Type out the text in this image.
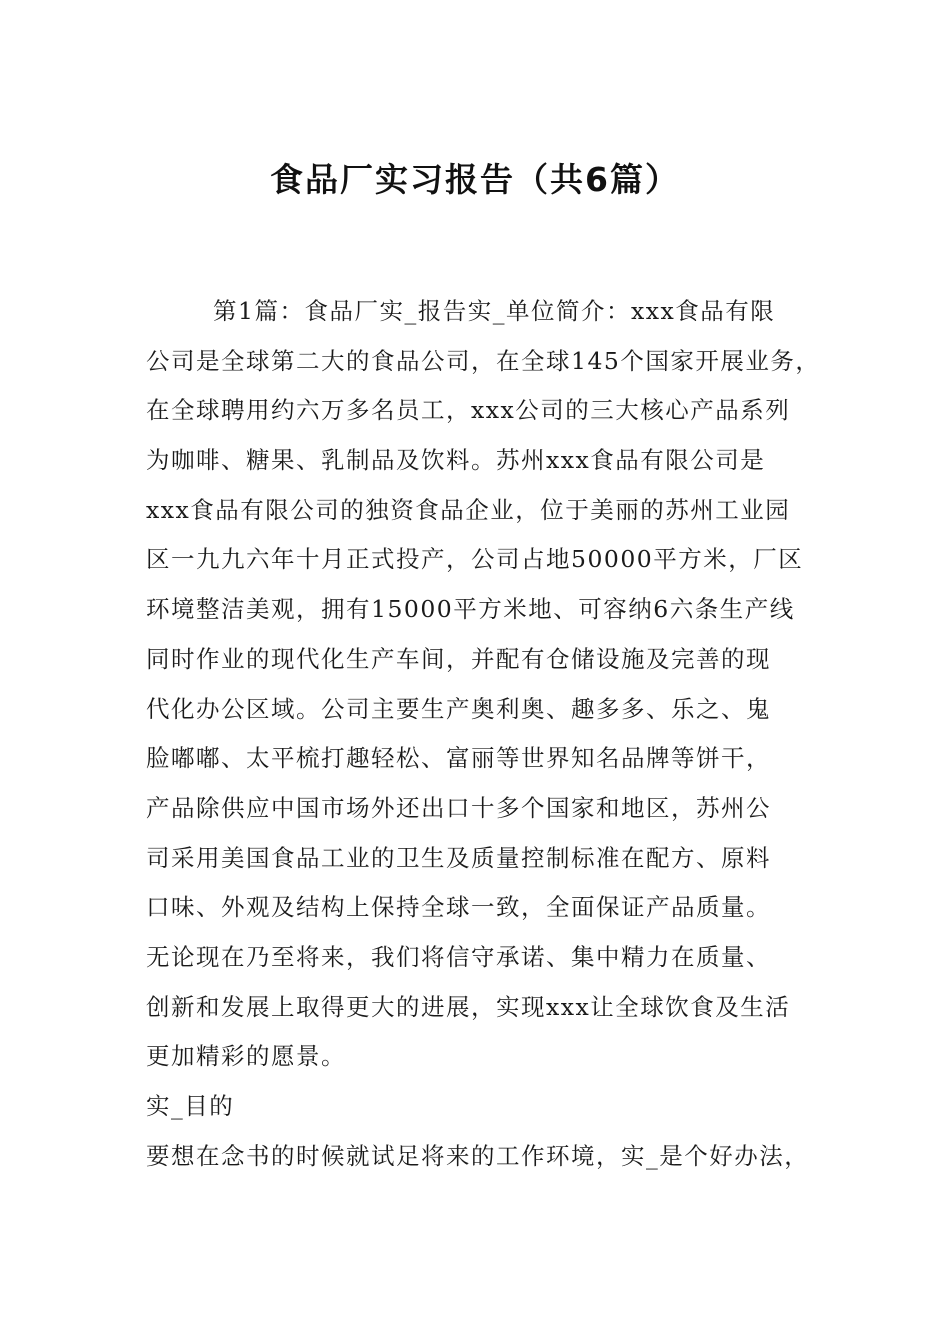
食品厂实习报告（共6篇）
第1篇：食品厂实_报告实_单位简介：xxx食品有限
公司是全球第二大的食品公司，在全球145个国家开展业务，
在全球聘用约六万多名员工，xxx公司的三大核心产品系列
为咖啡、糖果、乳制品及饮料。苏州xxx食品有限公司是
xxx食品有限公司的独资食品企业，位于美丽的苏州工业园
区一九九六年十月正式投产，公司占地50000平方米，厂区
环境整洁美观，拥有15000平方米地、可容纳6六条生产线
同时作业的现代化生产车间，并配有仓储设施及完善的现
代化办公区域。公司主要生产奥利奥、趣多多、乐之、鬼
脸嘟嘟、太平梳打趣轻松、富丽等世界知名品牌等饼干，
产品除供应中国市场外还出口十多个国家和地区，苏州公
司采用美国食品工业的卫生及质量控制标准在配方、原料
口味、外观及结构上保持全球一致，全面保证产品质量。
无论现在乃至将来，我们将信守承诺、集中精力在质量、
创新和发展上取得更大的进展，实现xxx让全球饮食及生活
更加精彩的愿景。
实_目的
要想在念书的时候就试足将来的工作环境，实_是个好办法，
